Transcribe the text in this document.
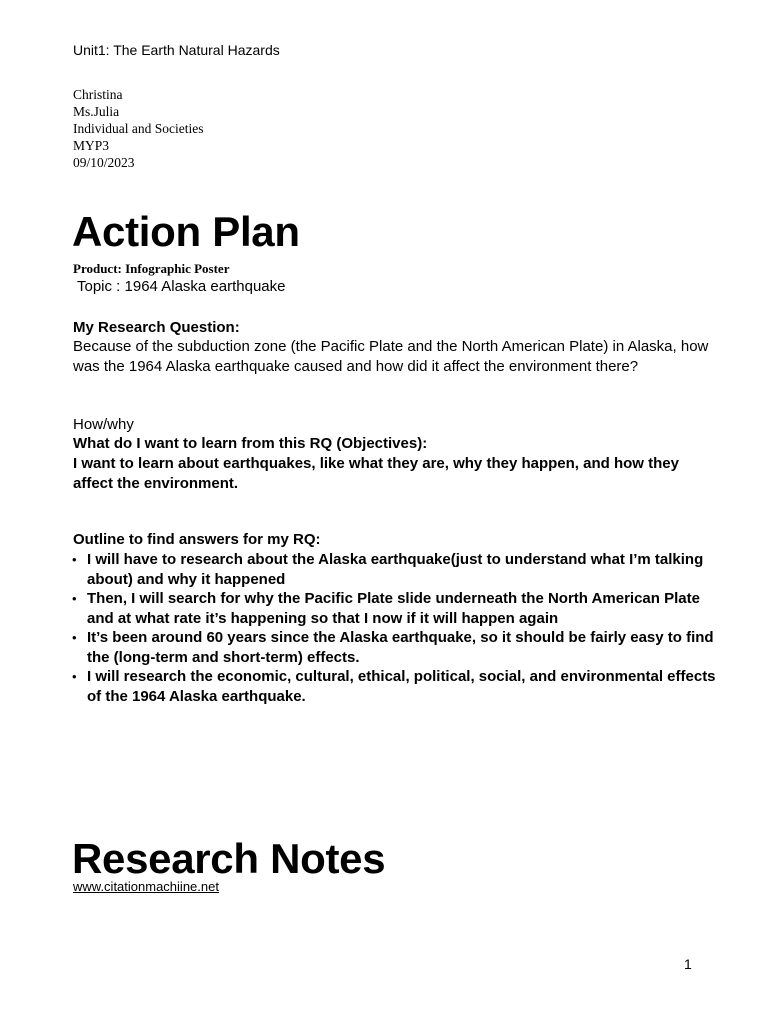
Unit1: The Earth Natural Hazards
Christina
Ms.Julia
Individual and Societies
MYP3
09/10/2023
Action Plan
Product: Infographic Poster
Topic : 1964 Alaska earthquake
My Research Question:
Because of the subduction zone (the Pacific Plate and the North American Plate) in Alaska, how was the 1964 Alaska earthquake caused and how did it affect the environment there?
How/why
What do I want to learn from this RQ (Objectives):
I want to learn about earthquakes, like what they are, why they happen, and how they affect the environment.
Outline to find answers for my RQ:
• I will have to research about the Alaska earthquake(just to understand what I’m talking about) and why it happened
• Then, I will search for why the Pacific Plate slide underneath the North American Plate and at what rate it’s happening so that I now if it will happen again
• It’s been around 60 years since the Alaska earthquake, so it should be fairly easy to find the (long-term and short-term) effects.
• I will research the economic, cultural, ethical, political, social, and environmental effects of the 1964 Alaska earthquake.
Research Notes
www.citationmachiine.net
1
